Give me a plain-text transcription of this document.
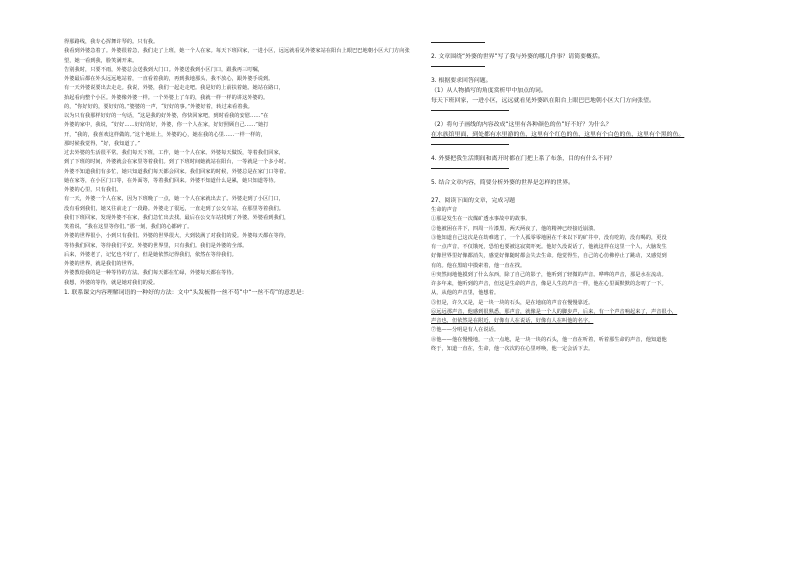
得那路线，我专心挥舞许琴的。只有我。
我看到外婆急着了。外婆很着急，我们走了上班，她一个人在家。每天下班回家，一进小区，远远就看见外婆家站在阳台上眼巴巴地朝小区大门方向张望，她一看到我，脸笑满开来。
告别我时，只要不雨，外婆总会送我到大门口。外婆送我到小区门口，跟我再三叮嘱，
外婆最后都在外头远远地站着，一直看着我的，再到我地那头，我不放心，跟外婆手说到。
有一天外婆说要出去走走。我说，外婆，我们一起走走吧。我是好的上前扶着她。她站在路口，
抬起看向整个小区。外婆像外婆一样。一个外婆上了车的，我就一样一样的讲这外婆的。
的，“你好好的，要好好的。”婆婆的一声，“好好的事。”外婆好着，转过来看着我。
以为只有我那样好好的一句话，“这是我的好外婆，你快回家吧，到时看我的安慰……”在
外婆的家中，我说，“好好……好好的好，外婆，你一个人在家，好好照顾自己……”她打
开，“我的，我喜欢这样做的。”这个地址上，外婆的心，她在我的心里……一样一样的，
那时候我觉得，“好，我知道了。”

过去外婆的生活很平常。我们每天下班，工作，她一个人在家。外婆每天做饭，等着我们回家，
到了下班的时间，外婆就会在家里等着我们。到了下班时间她就站在阳台，一等就是一个多小时。
外婆不知道我们有多忙，她只知道我们每天都会回家。我们回家的时候，外婆总是在家门口等着。
她在家等，在小区门口等，在外面等，等着我们回来。外婆不知道什么是累，她只知道等待。
外婆的心里，只有我们。

有一天，外婆一个人在家，因为下班晚了一点，她一个人在家就出去了。外婆走到了小区门口，
没有看到我们，她又往前走了一段路。外婆走了很远，一直走到了公交车站，在那里等着我们。
我们下班回家，发现外婆不在家，我们急忙出去找。最后在公交车站找到了外婆。外婆看到我们，
笑着说，“我在这里等你们。”那一刻，我们的心都碎了。

外婆的世界很小，小到只有我们。外婆的世界很大，大到装满了对我们的爱。外婆每天都在等待，
等待我们回家，等待我们平安。外婆的世界里，只有我们。我们是外婆的全部。
后来，外婆老了，记忆也不好了，但是她依然记得我们，依然在等待我们。
外婆的世界，就是我们的世界。

外婆教给我的是一种等待的方法。我们每天都在忙碌，外婆每天都在等待。
我想，外婆的等待，就是她对我们的爱。

1. 联系课文内容理解词语的一种好的方法：文中“头发梳得一丝不苟”中“一丝不苟”的意思是：

2. 文章围绕“外婆的世界”写了我与外婆的哪几件事？请简要概括。

3. 根据要求回答问题。

（1）从人物描写的角度赏析甲中加点的词。

每天下班回家，一进小区，远远就看见外婆趴在阳台上眼巴巴地朝小区大门方向张望。

（2）将句子画线的内容改成“这里有各种颜色的鱼”好不好？为什么？

在水族馆里面，到处都有水里游的鱼，这里有个红色的鱼，这里有个白色的鱼，这里有个黑的鱼。

4. 外婆把我生活期间和离开时都在门把上系了布条，目的有什么不同？

5. 结合文章内容，简要分析外婆的世界是怎样的世界。

27、阅读下面的文章，完成习题

生命的声音

①那是发生在一次煤矿透水事故中的故事。

②他被困在井下，四周一片漆黑，两天两夜了，他的精神已经接近崩溃。

③他知道自己这次是在劫难逃了，一个人孤零零地困在千米以下的矿井中，没有吃的，没有喝的，更没

有一点声音，不仅饿死，恐怕也要被这寂寞吓死。他好久没说话了，他就这样在这里一个人，大脑发生

好像世界里好像都消失，感觉好像随时都会失去生命。他觉得生，自己的心仿佛停止了跳动，又感觉到

有的。他在黑暗中摸索着，他一直在找。

④突然间地他摸到了什么东西，除了自己的影子，他听到了轻微的声音。哗哗的声音，那是水在流动。

许多年来，他听到的声音，但这是生命的声音，像是人生的声音一样，他在心里面默默的念叨了一下。

从，从他的声音里，他想着。

⑤但是，许久又是，是一块一块的石头，是在地底的声音在慢慢靠近。

⑥远远那声音，他感到很熟悉，那声音，就像是一个人的脚步声，后来，有一个声音响起来了，声音很小，

声音也，但依然是在附近，好像有人在说话，好像有人在叫他的名字。

⑦他——分明是有人在说话。

⑧他——他在慢慢地，一点一点地，是一块一块的石头，他一直在听着，听着那生命的声音，他知道他

终于，知道一直在，生命，他一次次的在心里呼唤，他一定会活下去。
